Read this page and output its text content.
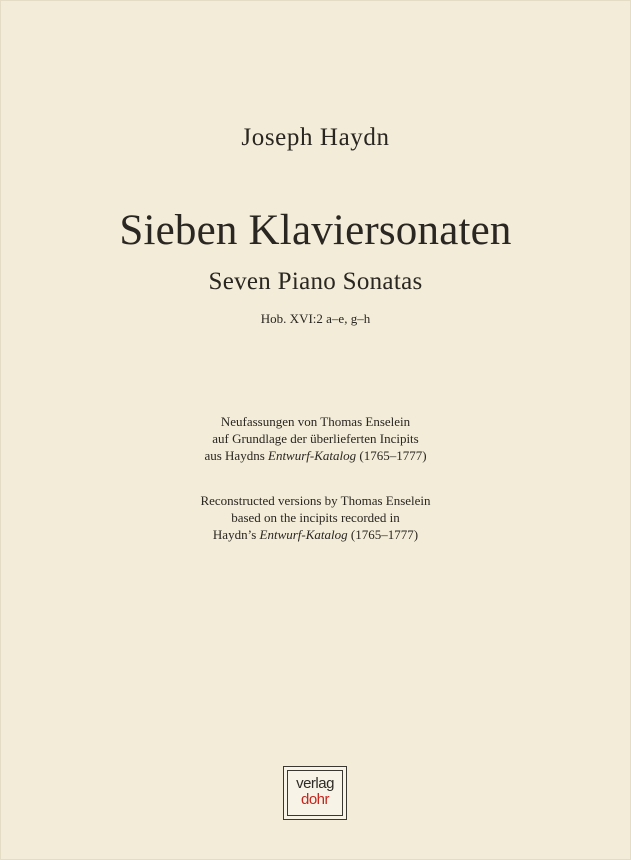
Joseph Haydn
Sieben Klaviersonaten
Seven Piano Sonatas
Hob. XVI:2 a–e, g–h
Neufassungen von Thomas Enselein
auf Grundlage der überlieferten Incipits
aus Haydns Entwurf-Katalog (1765–1777)
Reconstructed versions by Thomas Enselein
based on the incipits recorded in
Haydn’s Entwurf-Katalog (1765–1777)
verlag
dohr
